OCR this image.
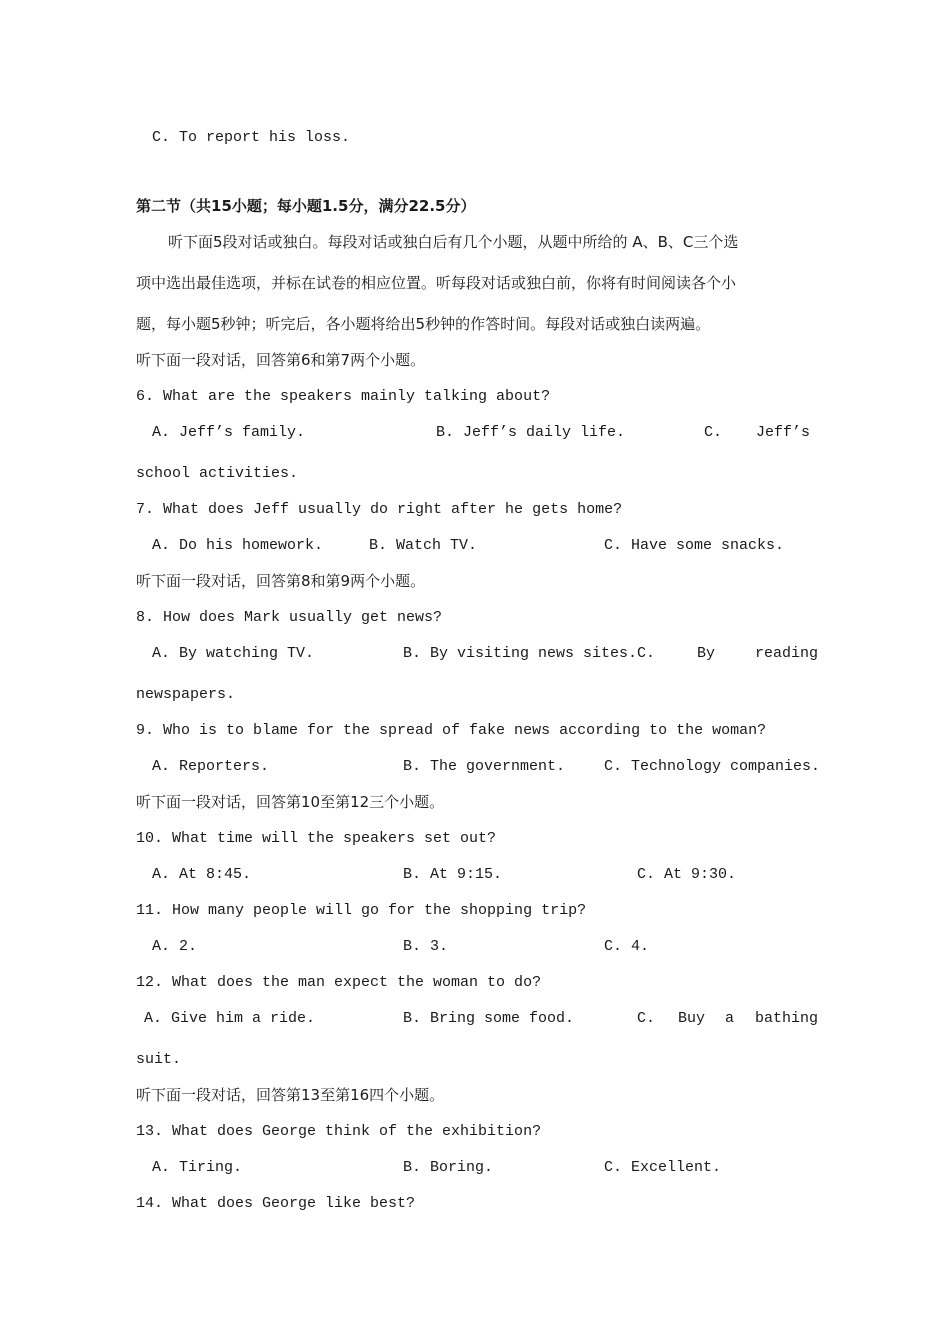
C. To report his loss.
第二节（共15小题；每小题1.5分，满分22.5分）
听下面5段对话或独白。每段对话或独白后有几个小题，从题中所给的 A、B、C三个选
项中选出最佳选项，并标在试卷的相应位置。听每段对话或独白前，你将有时间阅读各个小
题，每小题5秒钟；听完后，各小题将给出5秒钟的作答时间。每段对话或独白读两遍。
听下面一段对话，回答第6和第7两个小题。
6. What are the speakers mainly talking about?
A. Jeff’s family.	B. Jeff’s daily life.	C. Jeff’s
school activities.
7. What does Jeff usually do right after he gets home?
A. Do his homework.	B. Watch TV.	C. Have some snacks.
听下面一段对话，回答第8和第9两个小题。
8. How does Mark usually get news?
A. By watching TV.	B. By visiting news sites. C.	By	reading
newspapers.
9. Who is to blame for the spread of fake news according to the woman?
A. Reporters.	B. The government.	C. Technology companies.
听下面一段对话，回答第10至第12三个小题。
10. What time will the speakers set out?
A. At 8:45.	B. At 9:15.	C. At 9:30.
11. How many people will go for the shopping trip?
A. 2.	B. 3.	C. 4.
12. What does the man expect the woman to do?
A. Give him a ride.	B. Bring some food.	C. Buy a bathing
suit.
听下面一段对话，回答第13至第16四个小题。
13. What does George think of the exhibition?
A. Tiring.	B. Boring.	C. Excellent.
14. What does George like best?
